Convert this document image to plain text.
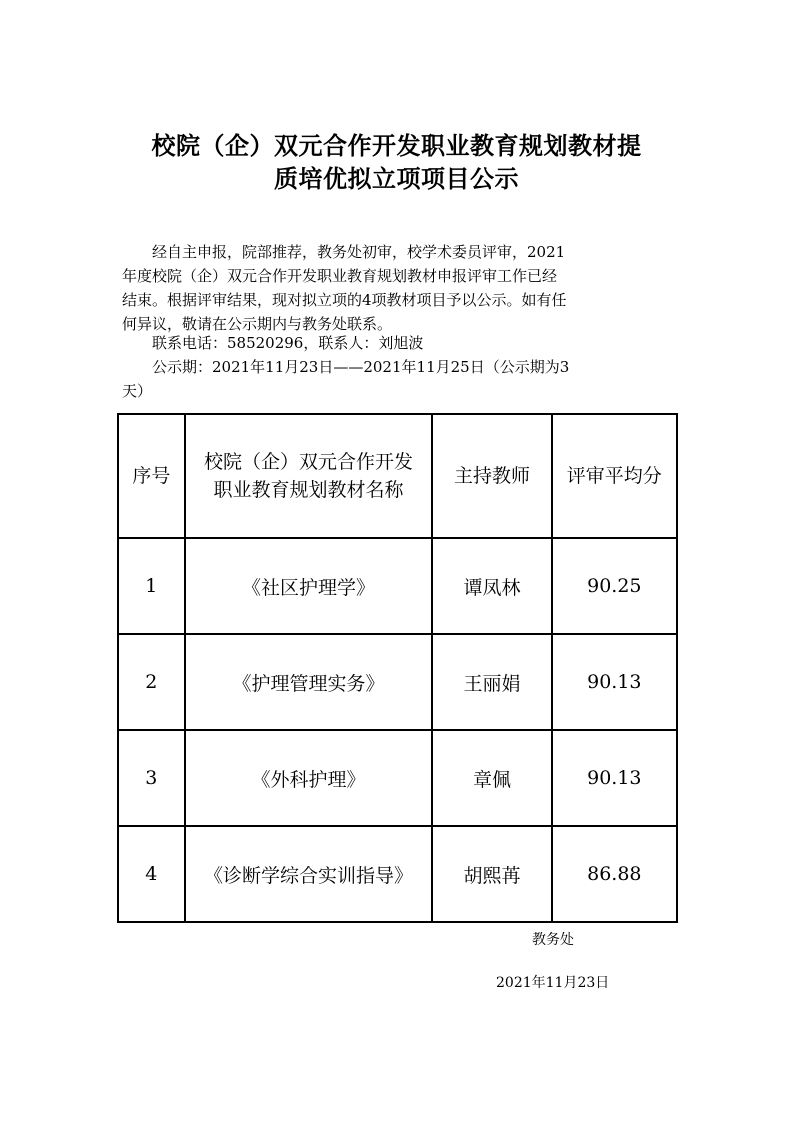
校院（企）双元合作开发职业教育规划教材提
质培优拟立项项目公示
　　经自主申报，院部推荐，教务处初审，校学术委员评审，2021
年度校院（企）双元合作开发职业教育规划教材申报评审工作已经
结束。根据评审结果，现对拟立项的4项教材项目予以公示。如有任
何异议，敬请在公示期内与教务处联系。
　　联系电话：58520296，联系人：刘旭波
　　公示期：2021年11月23日——2021年11月25日（公示期为3
天）
序号	校院（企）双元合作开发
职业教育规划教材名称	主持教师	评审平均分
1	《社区护理学》	谭凤林	90.25
2	《护理管理实务》	王丽娟	90.13
3	《外科护理》	章佩	90.13
4	《诊断学综合实训指导》	胡熙苒	86.88
教务处
2021年11月23日
